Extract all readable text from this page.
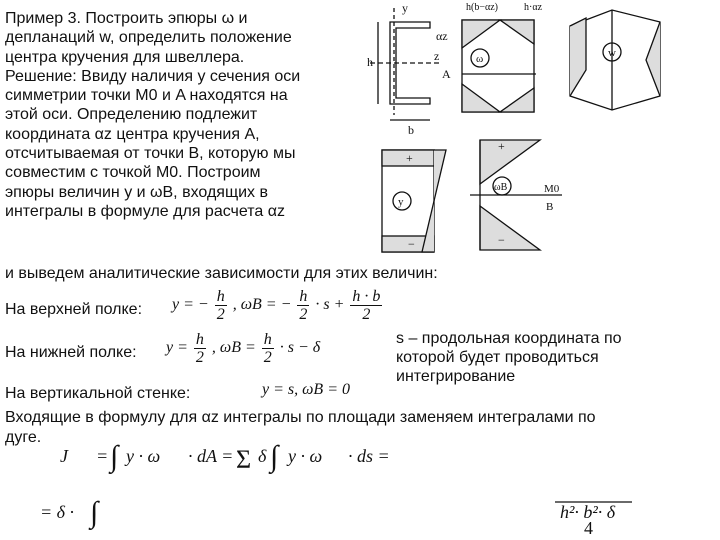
Пример 3. Построить эпюры ω и
депланаций w, определить положение
центра кручения для швеллера.
Решение: Ввиду наличия у сечения оси
симметрии точки M0 и A находятся на
этой оси. Определению подлежит
координата αz центра кручения A,
отсчитываемая от точки B, которую мы
совместим с точкой M0. Построим
эпюры величин y и ωB, входящих в
интегралы в формуле для расчета αz
y
z
h
b
A
αz
ω	w
y
ωB	M0
B
h(b−αz)	h·αz
+
−
+
−
и выведем аналитические зависимости для этих величин:
На верхней полке: y = − $\frac{h}{2}$ , ωB = − $\frac{h}{2} \cdot s + \frac{h \cdot b}{2}$
На нижней полке: $y = \frac{h}{2}$ , $\omega B = \frac{h}{2} \cdot s - \delta$
s – продольная координата по
которой будет проводиться
интегрирование
На вертикальной стенке:	y = s, ωB = 0
Входящие в формулу для αz интегралы по площади заменяем интегралами по
дуге.
J = ∫ y · ω · dA = Σ δ ∫ y · ω · ds =
= δ · ∫	h²· b²· δ
4
